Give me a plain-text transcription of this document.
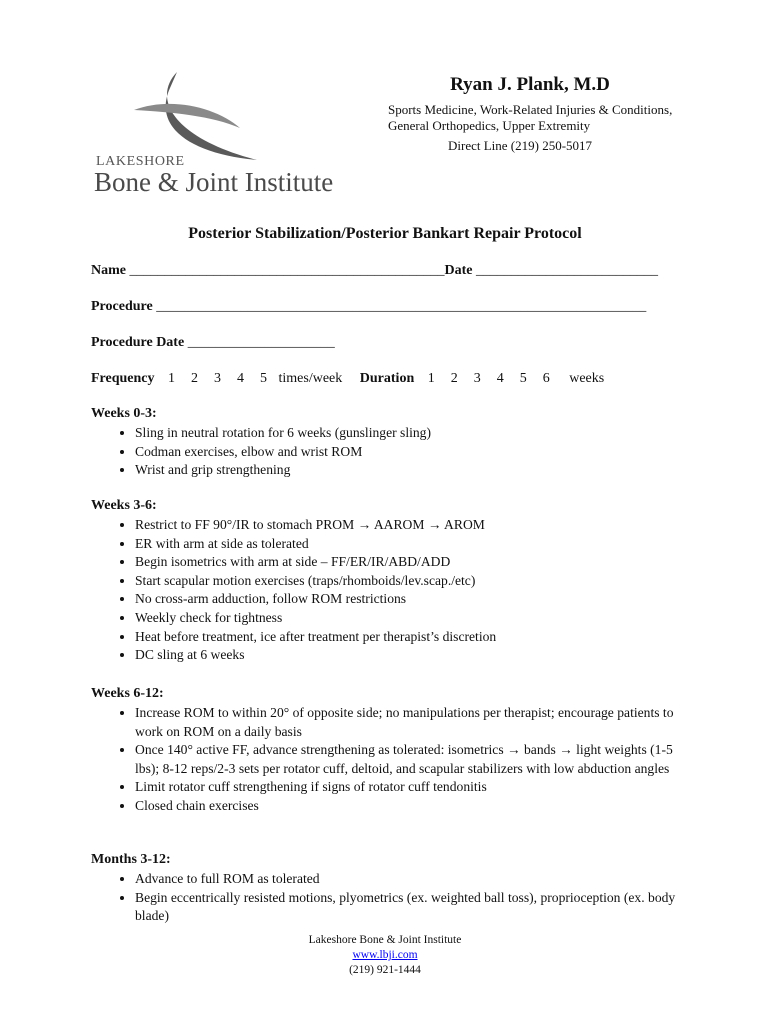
LAKESHORE
Bone & Joint Institute
Ryan J. Plank, M.D
Sports Medicine, Work-Related Injuries & Conditions,
General Orthopedics, Upper Extremity
Direct Line (219) 250-5017
Posterior Stabilization/Posterior Bankart Repair Protocol
Name _____________________________________________Date __________________________
Procedure ______________________________________________________________________
Procedure Date _____________________
Frequency 1 2 3 4 5 times/week Duration 1 2 3 4 5 6 weeks
Weeks 0-3:
• Sling in neutral rotation for 6 weeks (gunslinger sling)
• Codman exercises, elbow and wrist ROM
• Wrist and grip strengthening
Weeks 3-6:
• Restrict to FF 90°/IR to stomach PROM → AAROM → AROM
• ER with arm at side as tolerated
• Begin isometrics with arm at side – FF/ER/IR/ABD/ADD
• Start scapular motion exercises (traps/rhomboids/lev.scap./etc)
• No cross-arm adduction, follow ROM restrictions
• Weekly check for tightness
• Heat before treatment, ice after treatment per therapist’s discretion
• DC sling at 6 weeks
Weeks 6-12:
• Increase ROM to within 20° of opposite side; no manipulations per therapist; encourage patients to work on ROM on a daily basis
• Once 140° active FF, advance strengthening as tolerated: isometrics → bands → light weights (1-5 lbs); 8-12 reps/2-3 sets per rotator cuff, deltoid, and scapular stabilizers with low abduction angles
• Limit rotator cuff strengthening if signs of rotator cuff tendonitis
• Closed chain exercises
Months 3-12:
• Advance to full ROM as tolerated
• Begin eccentrically resisted motions, plyometrics (ex. weighted ball toss), proprioception (ex. body blade)
Lakeshore Bone & Joint Institute
www.lbji.com
(219) 921-1444
